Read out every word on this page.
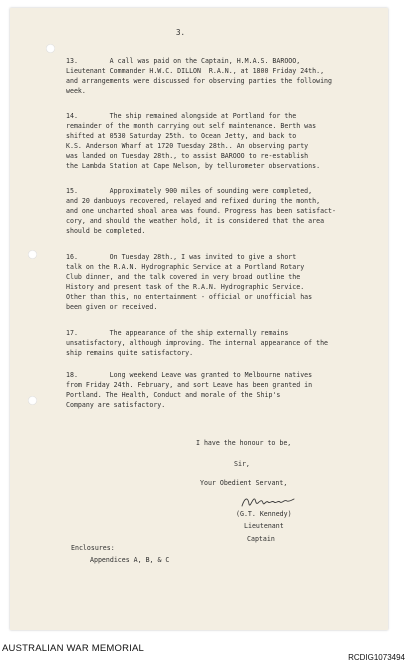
3.
13.        A call was paid on the Captain, H.M.A.S. BAROOO,
Lieutenant Commander H.W.C. DILLON  R.A.N., at 1800 Friday 24th.,
and arrangements were discussed for observing parties the following
week.
14.        The ship remained alongside at Portland for the
remainder of the month carrying out self maintenance. Berth was
shifted at 0530 Saturday 25th. to Ocean Jetty, and back to
K.S. Anderson Wharf at 1720 Tuesday 28th.. An observing party
was landed on Tuesday 28th., to assist BAROOO to re-establish
the Lambda Station at Cape Nelson, by tellurometer observations.
15.        Approximately 900 miles of sounding were completed,
and 20 danbuoys recovered, relayed and refixed during the month,
and one uncharted shoal area was found. Progress has been satisfact-
cory, and should the weather hold, it is considered that the area
should be completed.
16.        On Tuesday 28th., I was invited to give a short
talk on the R.A.N. Hydrographic Service at a Portland Rotary
Club dinner, and the talk covered in very broad outline the
History and present task of the R.A.N. Hydrographic Service.
Other than this, no entertainment - official or unofficial has
been given or received.
17.        The appearance of the ship externally remains
unsatisfactory, although improving. The internal appearance of the
ship remains quite satisfactory.
18.        Long weekend Leave was granted to Melbourne natives
from Friday 24th. February, and sort Leave has been granted in
Portland. The Health, Conduct and morale of the Ship's
Company are satisfactory.
I have the honour to be,
Sir,
Your Obedient Servant,
(G.T. Kennedy)
Lieutenant
Captain
Enclosures:
Appendices A, B, & C
AUSTRALIAN WAR MEMORIAL
RCDIG1073494
